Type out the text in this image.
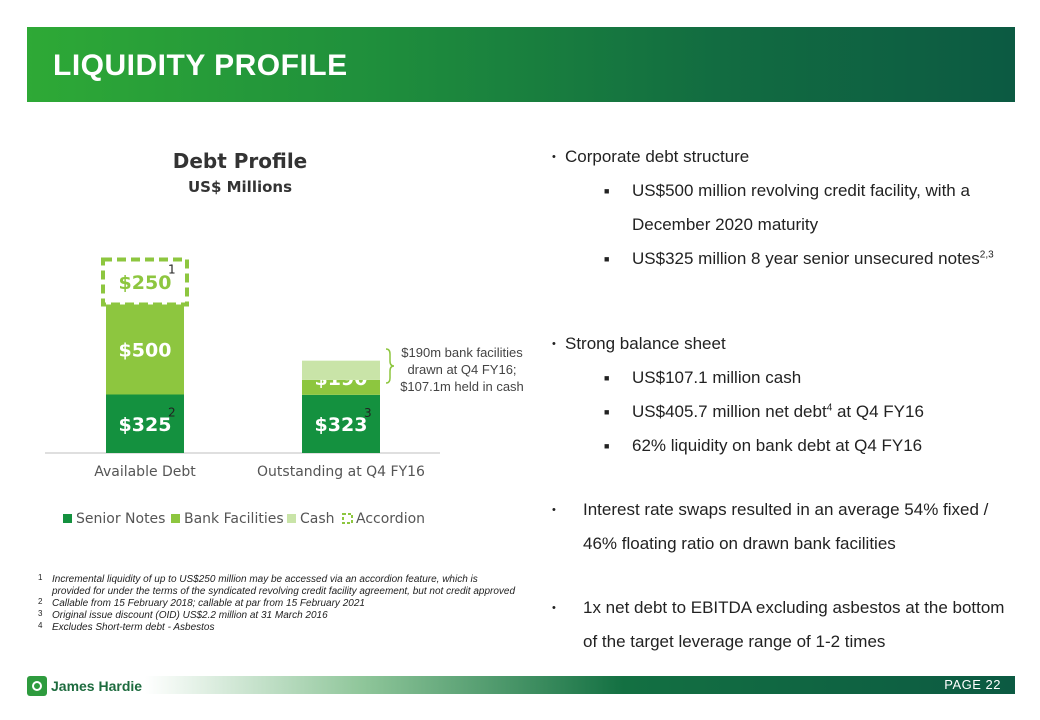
LIQUIDITY PROFILE
Debt Profile
US$ Millions
$325
2
$500
$250
1
$323
3
Available Debt	Outstanding at Q4 FY16
Senior Notes Bank Facilities Cash Accordion
$190m bank facilities drawn at Q4 FY16; $107.1m held in cash
• Corporate debt structure
■ US$500 million revolving credit facility, with a December 2020 maturity
■ US$325 million 8 year senior unsecured notes$^{2,3}$
• Strong balance sheet
■ US$107.1 million cash
■ US$405.7 million net debt$^4$ at Q4 FY16
■ 62% liquidity on bank debt at Q4 FY16
• Interest rate swaps resulted in an average 54% fixed / 46% floating ratio on drawn bank facilities
• 1x net debt to EBITDA excluding asbestos at the bottom of the target leverage range of 1-2 times
1 Incremental liquidity of up to US$250 million may be accessed via an accordion feature, which is provided for under the terms of the syndicated revolving credit facility agreement, but not credit approved
2 Callable from 15 February 2018; callable at par from 15 February 2021
3 Original issue discount (OID) US$2.2 million at 31 March 2016
4 Excludes Short-term debt - Asbestos
James Hardie	PAGE 22
